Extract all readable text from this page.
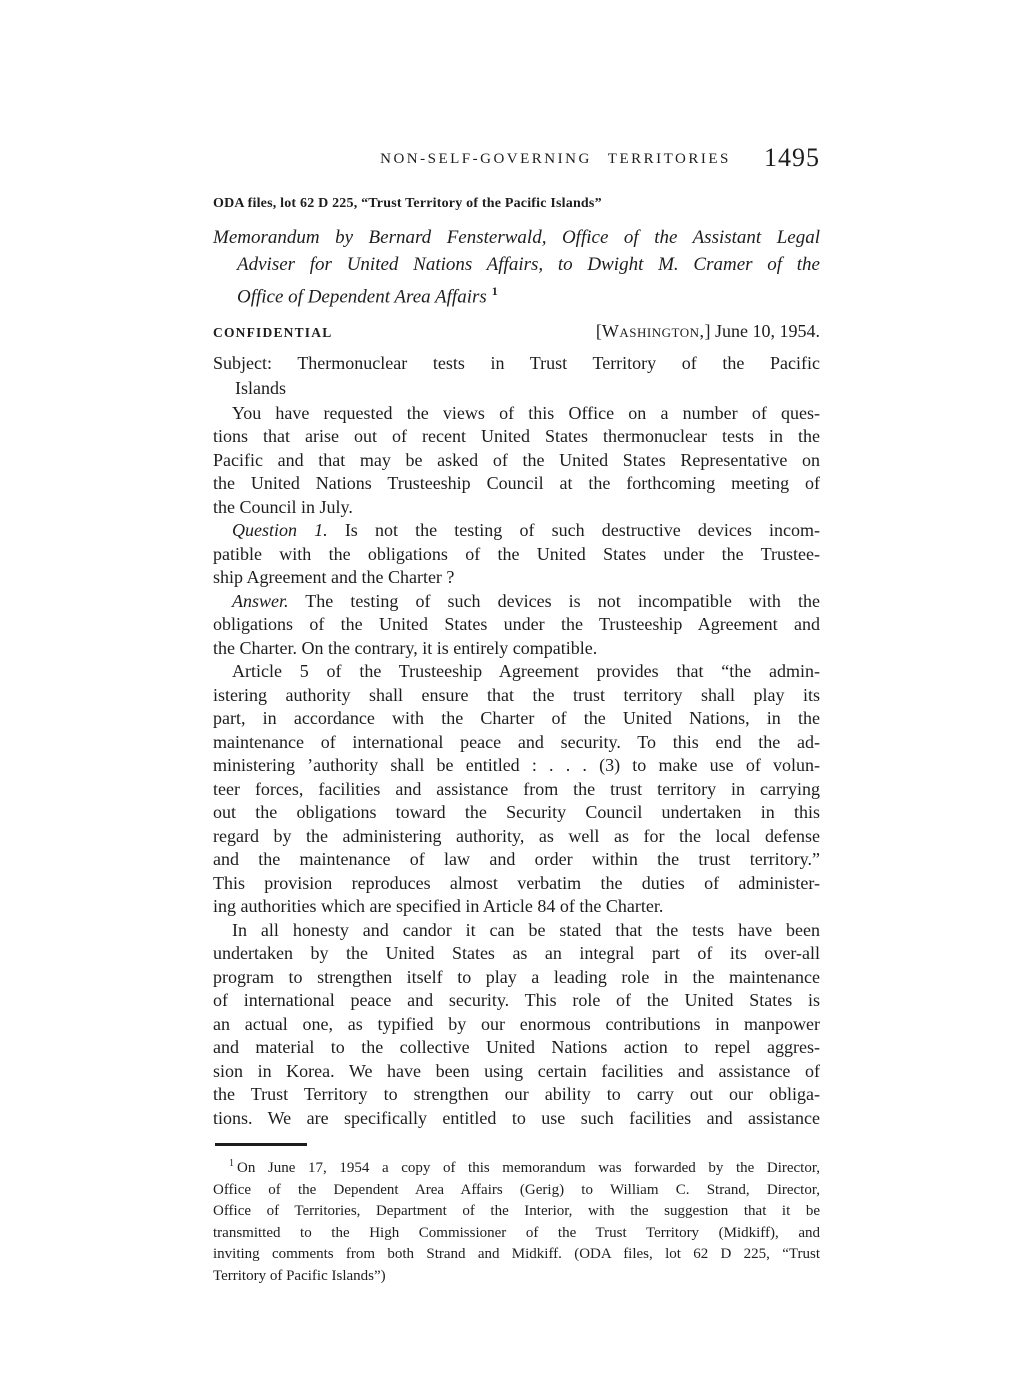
NON-SELF-GOVERNING TERRITORIES	1495
ODA files, lot 62 D 225, “Trust Territory of the Pacific Islands”
Memorandum by Bernard Fensterwald, Office of the Assistant Legal
Adviser for United Nations Affairs, to Dwight M. Cramer of the
Office of Dependent Area Affairs $^1$
CONFIDENTIAL	[Washington,] June 10, 1954.
Subject: Thermonuclear tests in Trust Territory of the Pacific
Islands
You have requested the views of this Office on a number of ques-
tions that arise out of recent United States thermonuclear tests in the
Pacific and that may be asked of the United States Representative on
the United Nations Trusteeship Council at the forthcoming meeting of
the Council in July.
Question 1. Is not the testing of such destructive devices incom-
patible with the obligations of the United States under the Trustee-
ship Agreement and the Charter ?
Answer. The testing of such devices is not incompatible with the
obligations of the United States under the Trusteeship Agreement and
the Charter. On the contrary, it is entirely compatible.
Article 5 of the Trusteeship Agreement provides that “the admin-
istering authority shall ensure that the trust territory shall play its
part, in accordance with the Charter of the United Nations, in the
maintenance of international peace and security. To this end the ad-
ministering ’authority shall be entitled : . . . (3) to make use of volun-
teer forces, facilities and assistance from the trust territory in carrying
out the obligations toward the Security Council undertaken in this
regard by the administering authority, as well as for the local defense
and the maintenance of law and order within the trust territory.”
This provision reproduces almost verbatim the duties of administer-
ing authorities which are specified in Article 84 of the Charter.
In all honesty and candor it can be stated that the tests have been
undertaken by the United States as an integral part of its over-all
program to strengthen itself to play a leading role in the maintenance
of international peace and security. This role of the United States is
an actual one, as typified by our enormous contributions in manpower
and material to the collective United Nations action to repel aggres-
sion in Korea. We have been using certain facilities and assistance of
the Trust Territory to strengthen our ability to carry out our obliga-
tions. We are specifically entitled to use such facilities and assistance
$^1$ On June 17, 1954 a copy of this memorandum was forwarded by the Director,
Office of the Dependent Area Affairs (Gerig) to William C. Strand, Director,
Office of Territories, Department of the Interior, with the suggestion that it be
transmitted to the High Commissioner of the Trust Territory (Midkiff), and
inviting comments from both Strand and Midkiff. (ODA files, lot 62 D 225, “Trust
Territory of Pacific Islands”)
